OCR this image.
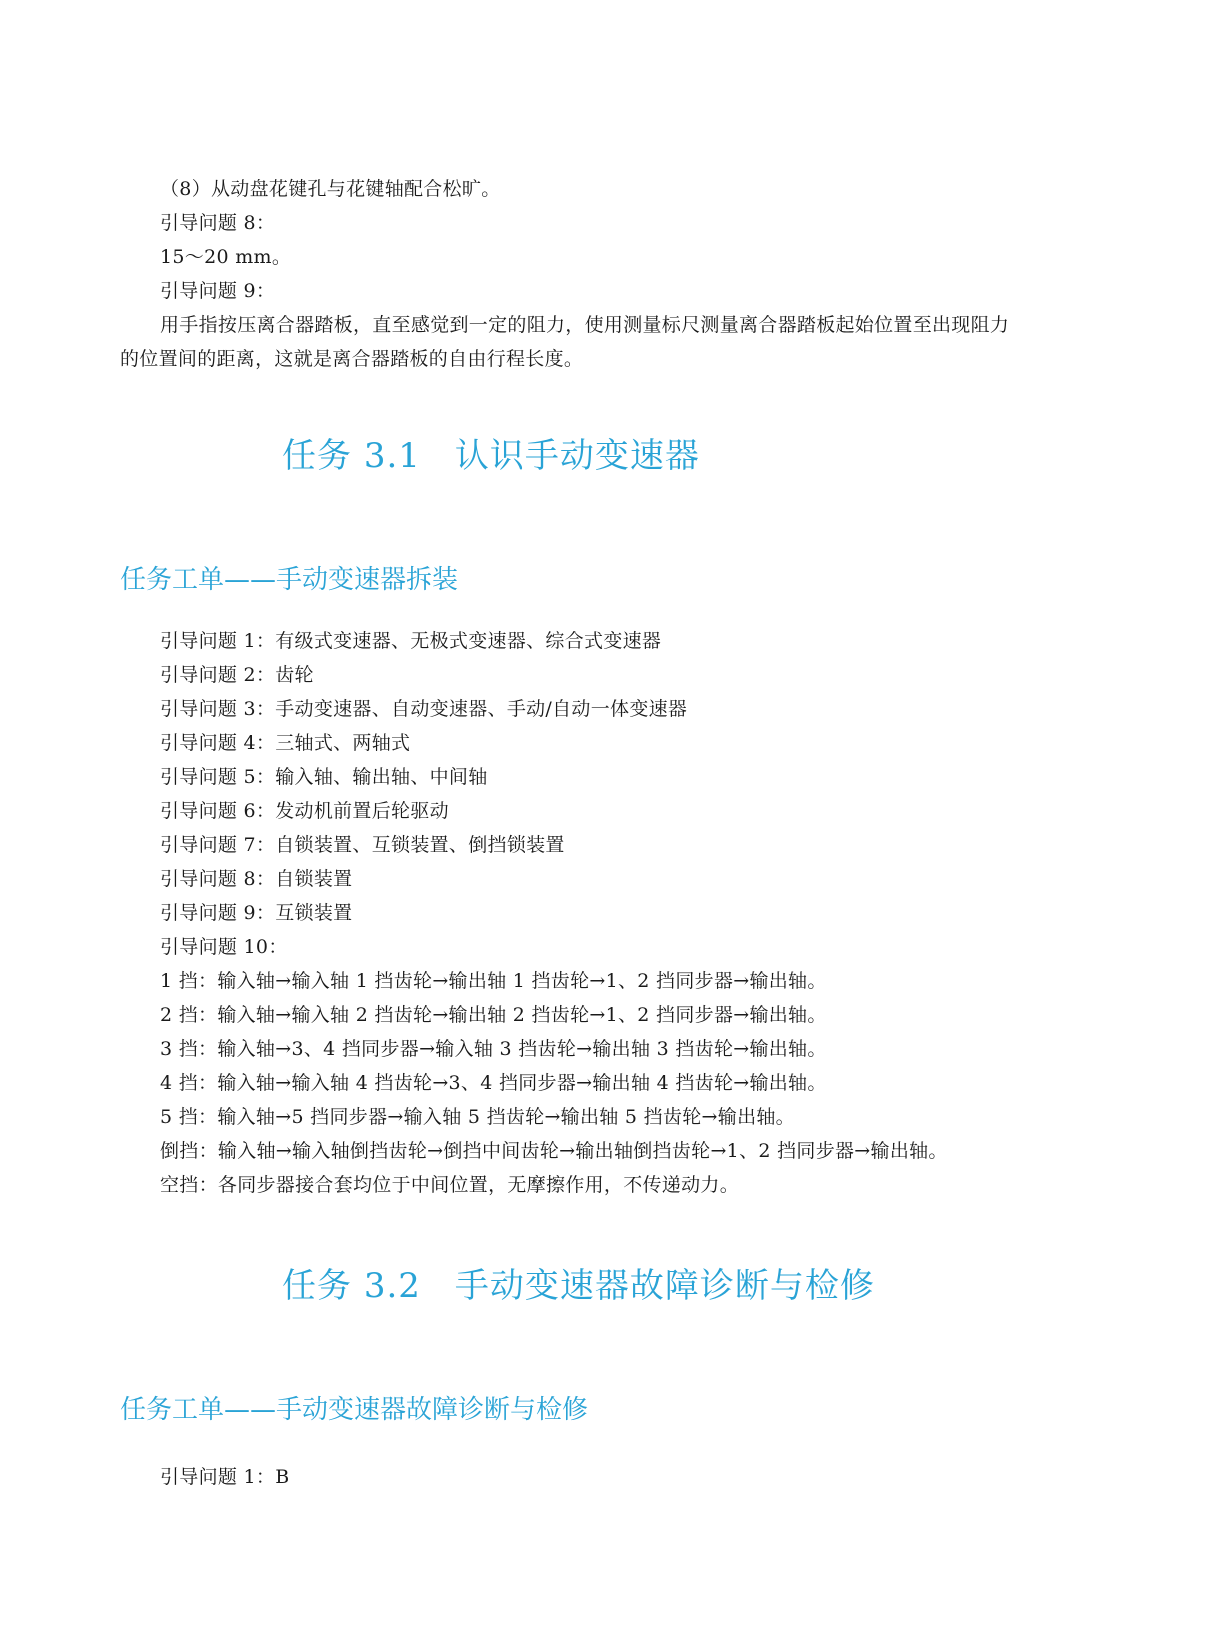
（8）从动盘花键孔与花键轴配合松旷。
引导问题 8：
15～20 mm。
引导问题 9：
用手指按压离合器踏板，直至感觉到一定的阻力，使用测量标尺测量离合器踏板起始位置至出现阻力
的位置间的距离，这就是离合器踏板的自由行程长度。
任务 3.1 认识手动变速器
任务工单——手动变速器拆装
引导问题 1：有级式变速器、无极式变速器、综合式变速器
引导问题 2：齿轮
引导问题 3：手动变速器、自动变速器、手动/自动一体变速器
引导问题 4：三轴式、两轴式
引导问题 5：输入轴、输出轴、中间轴
引导问题 6：发动机前置后轮驱动
引导问题 7：自锁装置、互锁装置、倒挡锁装置
引导问题 8：自锁装置
引导问题 9：互锁装置
引导问题 10：
1 挡：输入轴→输入轴 1 挡齿轮→输出轴 1 挡齿轮→1、2 挡同步器→输出轴。
2 挡：输入轴→输入轴 2 挡齿轮→输出轴 2 挡齿轮→1、2 挡同步器→输出轴。
3 挡：输入轴→3、4 挡同步器→输入轴 3 挡齿轮→输出轴 3 挡齿轮→输出轴。
4 挡：输入轴→输入轴 4 挡齿轮→3、4 挡同步器→输出轴 4 挡齿轮→输出轴。
5 挡：输入轴→5 挡同步器→输入轴 5 挡齿轮→输出轴 5 挡齿轮→输出轴。
倒挡：输入轴→输入轴倒挡齿轮→倒挡中间齿轮→输出轴倒挡齿轮→1、2 挡同步器→输出轴。
空挡：各同步器接合套均位于中间位置，无摩擦作用，不传递动力。
任务 3.2 手动变速器故障诊断与检修
任务工单——手动变速器故障诊断与检修
引导问题 1：B
